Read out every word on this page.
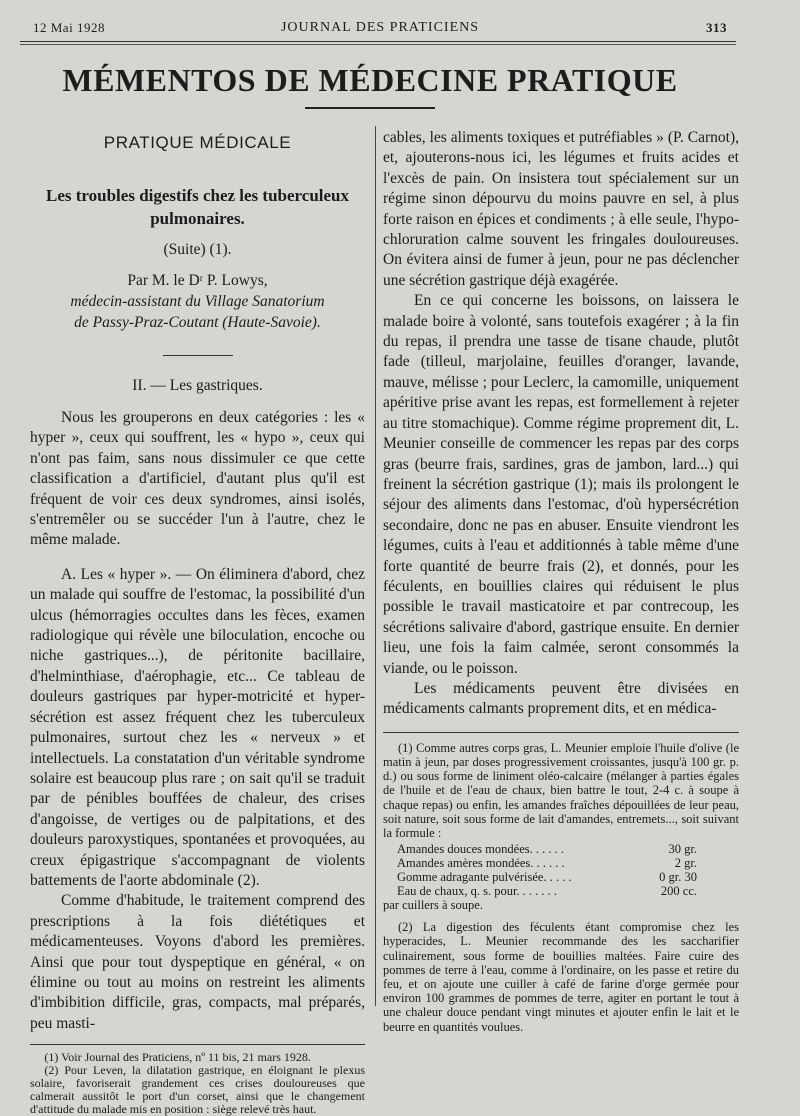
12 Mai 1928	JOURNAL DES PRATICIENS	313
MÉMENTOS DE MÉDECINE PRATIQUE
PRATIQUE MÉDICALE

Les troubles digestifs chez les tuberculeux pulmonaires.

(Suite) (1).

Par M. le Dʳ P. Lowys,

médecin-assistant du Village Sanatorium

de Passy-Praz-Coutant (Haute-Savoie).

II. — Les gastriques.

Nous les grouperons en deux catégories : les « hyper », ceux qui souffrent, les « hypo », ceux qui n'ont pas faim, sans nous dissimuler ce que cette classification a d'artificiel, d'autant plus qu'il est fréquent de voir ces deux syndromes, ainsi isolés, s'entremêler ou se succéder l'un à l'autre, chez le même malade.

A. Les « hyper ». — On éliminera d'abord, chez un malade qui souffre de l'estomac, la possibilité d'un ulcus (hémorragies occultes dans les fèces, examen radiologique qui révèle une biloculation, encoche ou niche gastriques...), de péritonite bacillaire, d'helminthiase, d'aérophagie, etc... Ce tableau de douleurs gastriques par hyper-motricité et hyper-sécrétion est assez fréquent chez les tuberculeux pulmonaires, surtout chez les « nerveux » et intellectuels. La constatation d'un véritable syndrome solaire est beaucoup plus rare ; on sait qu'il se traduit par de pénibles bouffées de chaleur, des crises d'angoisse, de vertiges ou de palpitations, et des douleurs paroxystiques, spontanées et provoquées, au creux épigastrique s'accompagnant de violents battements de l'aorte abdominale (2).

Comme d'habitude, le traitement comprend des prescriptions à la fois diététiques et médicamenteuses. Voyons d'abord les premières. Ainsi que pour tout dyspeptique en général, « on élimine ou tout au moins on restreint les aliments d'imbibition difficile, gras, compacts, mal préparés, peu masti-

(1) Voir Journal des Praticiens, nº 11 bis, 21 mars 1928.

(2) Pour Leven, la dilatation gastrique, en éloignant le plexus solaire, favoriserait grandement ces crises douloureuses que calmerait aussitôt le port d'un corset, ainsi que le changement d'attitude du malade mis en position : siège relevé très haut.

cables, les aliments toxiques et putréfiables » (P. Carnot), et, ajouterons-nous ici, les légumes et fruits acides et l'excès de pain. On insistera tout spécialement sur un régime sinon dépourvu du moins pauvre en sel, à plus forte raison en épices et condiments ; à elle seule, l'hypo-chloruration calme souvent les fringales douloureuses. On évitera ainsi de fumer à jeun, pour ne pas déclencher une sécrétion gastrique déjà exagérée.

En ce qui concerne les boissons, on laissera le malade boire à volonté, sans toutefois exagérer ; à la fin du repas, il prendra une tasse de tisane chaude, plutôt fade (tilleul, marjolaine, feuilles d'oranger, lavande, mauve, mélisse ; pour Leclerc, la camomille, uniquement apéritive prise avant les repas, est formellement à rejeter au titre stomachique). Comme régime proprement dit, L. Meunier conseille de commencer les repas par des corps gras (beurre frais, sardines, gras de jambon, lard...) qui freinent la sécrétion gastrique (1); mais ils prolongent le séjour des aliments dans l'estomac, d'où hypersécrétion secondaire, donc ne pas en abuser. Ensuite viendront les légumes, cuits à l'eau et additionnés à table même d'une forte quantité de beurre frais (2), et donnés, pour les féculents, en bouillies claires qui réduisent le plus possible le travail masticatoire et par contrecoup, les sécrétions salivaire d'abord, gastrique ensuite. En dernier lieu, une fois la faim calmée, seront consommés la viande, ou le poisson.

Les médicaments peuvent être divisées en médicaments calmants proprement dits, et en médica-

(1) Comme autres corps gras, L. Meunier emploie l'huile d'olive (le matin à jeun, par doses progressivement croissantes, jusqu'à 100 gr. p. d.) ou sous forme de liniment oléo-calcaire (mélanger à parties égales de l'huile et de l'eau de chaux, bien battre le tout, 2-4 c. à soupe à chaque repas) ou enfin, les amandes fraîches dépouillées de leur peau, soit nature, soit sous forme de lait d'amandes, entremets..., soit suivant la formule :

Amandes douces mondées. . . . . .	30 gr.
Amandes amères mondées. . . . . .	2 gr.
Gomme adragante pulvérisée. . . . .	0 gr. 30
Eau de chaux, q. s. pour. . . . . . .	200 cc.

par cuillers à soupe.

(2) La digestion des féculents étant compromise chez les hyperacides, L. Meunier recommande des les saccharifier culinairement, sous forme de bouillies maltées. Faire cuire des pommes de terre à l'eau, comme à l'ordinaire, on les passe et retire du feu, et on ajoute une cuiller à café de farine d'orge germée pour environ 100 grammes de pommes de terre, agiter en portant le tout à une chaleur douce pendant vingt minutes et ajouter enfin le lait et le beurre en quantités voulues.
